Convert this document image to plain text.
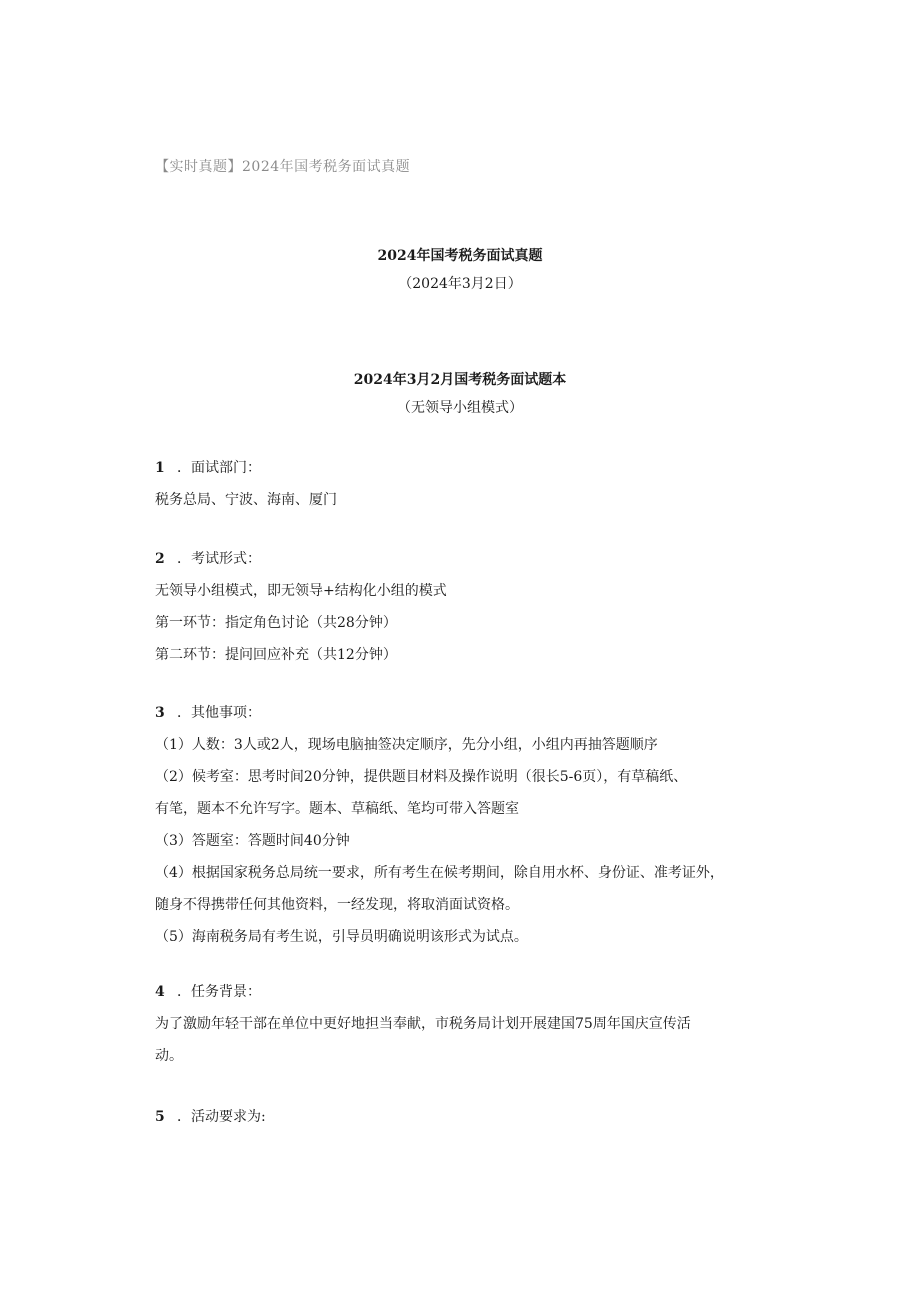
【实时真题】2024年国考税务面试真题
2024年国考税务面试真题
（2024年3月2日）
2024年3月2月国考税务面试题本
（无领导小组模式）
1 ．面试部门：
税务总局、宁波、海南、厦门
2 ．考试形式：
无领导小组模式，即无领导+结构化小组的模式
第一环节：指定角色讨论（共28分钟）
第二环节：提问回应补充（共12分钟）
3 ．其他事项：
（1）人数：3人或2人，现场电脑抽签决定顺序，先分小组，小组内再抽答题顺序
（2）候考室：思考时间20分钟，提供题目材料及操作说明（很长5-6页），有草稿纸、
有笔，题本不允许写字。题本、草稿纸、笔均可带入答题室
（3）答题室：答题时间40分钟
（4）根据国家税务总局统一要求，所有考生在候考期间，除自用水杯、身份证、准考证外，
随身不得携带任何其他资料，一经发现，将取消面试资格。
（5）海南税务局有考生说，引导员明确说明该形式为试点。
4 ．任务背景：
为了激励年轻干部在单位中更好地担当奉献，市税务局计划开展建国75周年国庆宣传活
动。
5 ．活动要求为:
